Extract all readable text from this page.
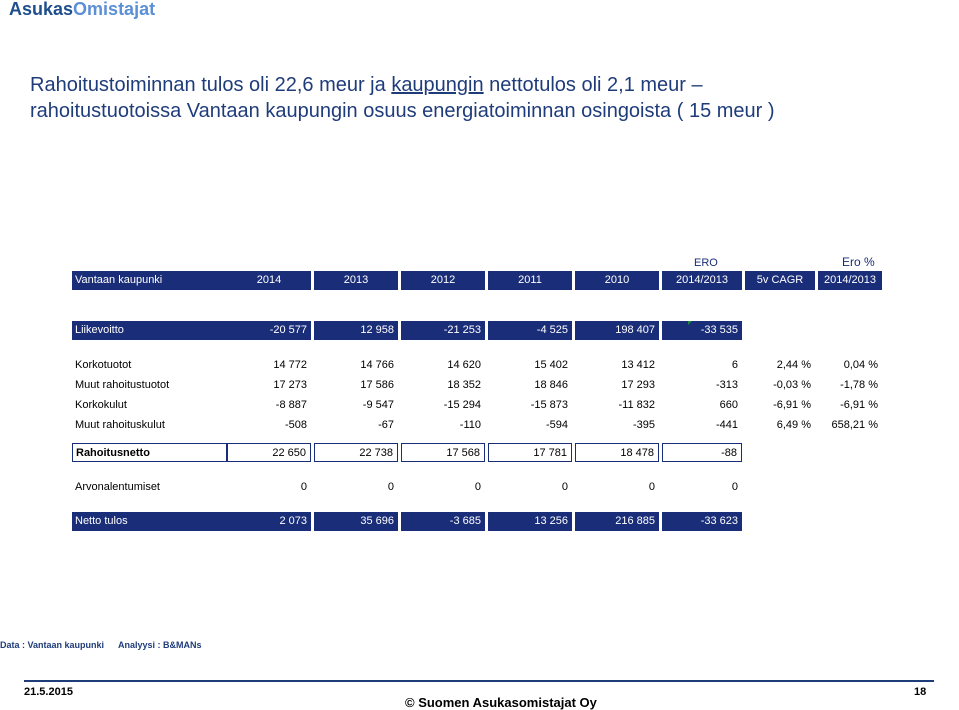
AsukasOmistajat
Rahoitustoiminnan tulos oli 22,6 meur ja kaupungin nettotulos oli 2,1 meur –
rahoitustuotoissa Vantaan kaupungin osuus energiatoiminnan osingoista ( 15 meur )
ERO	Ero %
Vantaan kaupunki	2014	2013	2012	2011	2010	2014/2013	5v CAGR	2014/2013
Liikevoitto	-20 577	12 958	-21 253	-4 525	198 407	-33 535
Korkotuotot	14 772	14 766	14 620	15 402	13 412	6	2,44 %	0,04 %
Muut rahoitustuotot	17 273	17 586	18 352	18 846	17 293	-313	-0,03 %	-1,78 %
Korkokulut	-8 887	-9 547	-15 294	-15 873	-11 832	660	-6,91 %	-6,91 %
Muut rahoituskulut	-508	-67	-110	-594	-395	-441	6,49 %	658,21 %
Rahoitusnetto	22 650	22 738	17 568	17 781	18 478	-88
Arvonalentumiset	0	0	0	0	0	0
Netto tulos	2 073	35 696	-3 685	13 256	216 885	-33 623
Data : Vantaan kaupunki Analyysi : B&MANs
21.5.2015
© Suomen Asukasomistajat Oy
18
